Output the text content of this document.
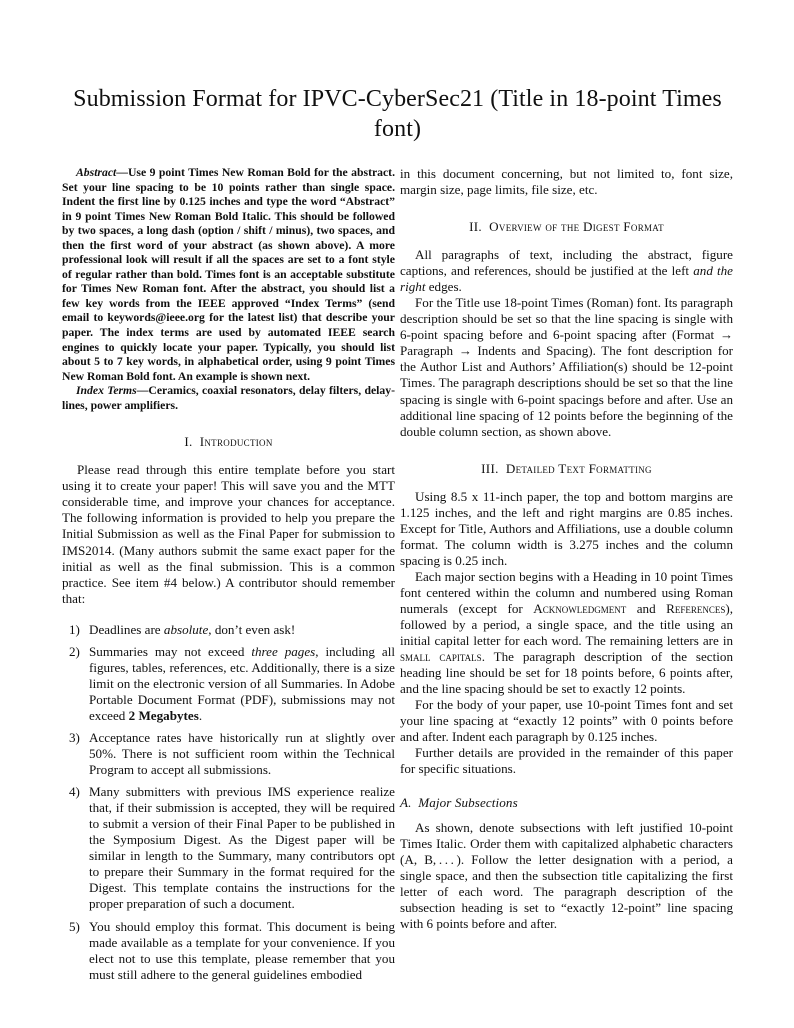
Submission Format for IPVC-CyberSec21 (Title in 18-point Times font)

Abstract—Use 9 point Times New Roman Bold for the abstract. Set your line spacing to be 10 points rather than single space. Indent the first line by 0.125 inches and type the word “Abstract” in 9 point Times New Roman Bold Italic. This should be followed by two spaces, a long dash (option / shift / minus), two spaces, and then the first word of your abstract (as shown above). A more professional look will result if all the spaces are set to a font style of regular rather than bold. Times font is an acceptable substitute for Times New Roman font. After the abstract, you should list a few key words from the IEEE approved “Index Terms” (send email to keywords@ieee.org for the latest list) that describe your paper. The index terms are used by automated IEEE search engines to quickly locate your paper. Typically, you should list about 5 to 7 key words, in alphabetical order, using 9 point Times New Roman Bold font. An example is shown next.

Index Terms—Ceramics, coaxial resonators, delay filters, delay-lines, power amplifiers.

I. Introduction

Please read through this entire template before you start using it to create your paper! This will save you and the MTT considerable time, and improve your chances for acceptance. The following information is provided to help you prepare the Initial Submission as well as the Final Paper for submission to IMS2014. (Many authors submit the same exact paper for the initial as well as the final submission. This is a common practice. See item #4 below.) A contributor should remember that:

1) Deadlines are absolute, don’t even ask!
2) Summaries may not exceed three pages, including all figures, tables, references, etc. Additionally, there is a size limit on the electronic version of all Summaries. In Adobe Portable Document Format (PDF), submissions may not exceed 2 Megabytes.
3) Acceptance rates have historically run at slightly over 50%. There is not sufficient room within the Technical Program to accept all submissions.
4) Many submitters with previous IMS experience realize that, if their submission is accepted, they will be required to submit a version of their Final Paper to be published in the Symposium Digest. As the Digest paper will be similar in length to the Summary, many contributors opt to prepare their Summary in the format required for the Digest. This template contains the instructions for the proper preparation of such a document.
5) You should employ this format. This document is being made available as a template for your convenience. If you elect not to use this template, please remember that you must still adhere to the general guidelines embodied

in this document concerning, but not limited to, font size, margin size, page limits, file size, etc.

II. Overview of the Digest Format

All paragraphs of text, including the abstract, figure captions, and references, should be justified at the left and the right edges.

For the Title use 18-point Times (Roman) font. Its paragraph description should be set so that the line spacing is single with 6-point spacing before and 6-point spacing after (Format → Paragraph → Indents and Spacing). The font description for the Author List and Authors’ Affiliation(s) should be 12-point Times. The paragraph descriptions should be set so that the line spacing is single with 6-point spacings before and after. Use an additional line spacing of 12 points before the beginning of the double column section, as shown above.

III. Detailed Text Formatting

Using 8.5 x 11-inch paper, the top and bottom margins are 1.125 inches, and the left and right margins are 0.85 inches. Except for Title, Authors and Affiliations, use a double column format. The column width is 3.275 inches and the column spacing is 0.25 inch.

Each major section begins with a Heading in 10 point Times font centered within the column and numbered using Roman numerals (except for Acknowledgment and References), followed by a period, a single space, and the title using an initial capital letter for each word. The remaining letters are in small capitals. The paragraph description of the section heading line should be set for 18 points before, 6 points after, and the line spacing should be set to exactly 12 points.

For the body of your paper, use 10-point Times font and set your line spacing at “exactly 12 points” with 0 points before and after. Indent each paragraph by 0.125 inches.

Further details are provided in the remainder of this paper for specific situations.

A. Major Subsections

As shown, denote subsections with left justified 10-point Times Italic. Order them with capitalized alphabetic characters (A, B, . . . ). Follow the letter designation with a period, a single space, and then the subsection title capitalizing the first letter of each word. The paragraph description of the subsection heading is set to “exactly 12-point” line spacing with 6 points before and after.
